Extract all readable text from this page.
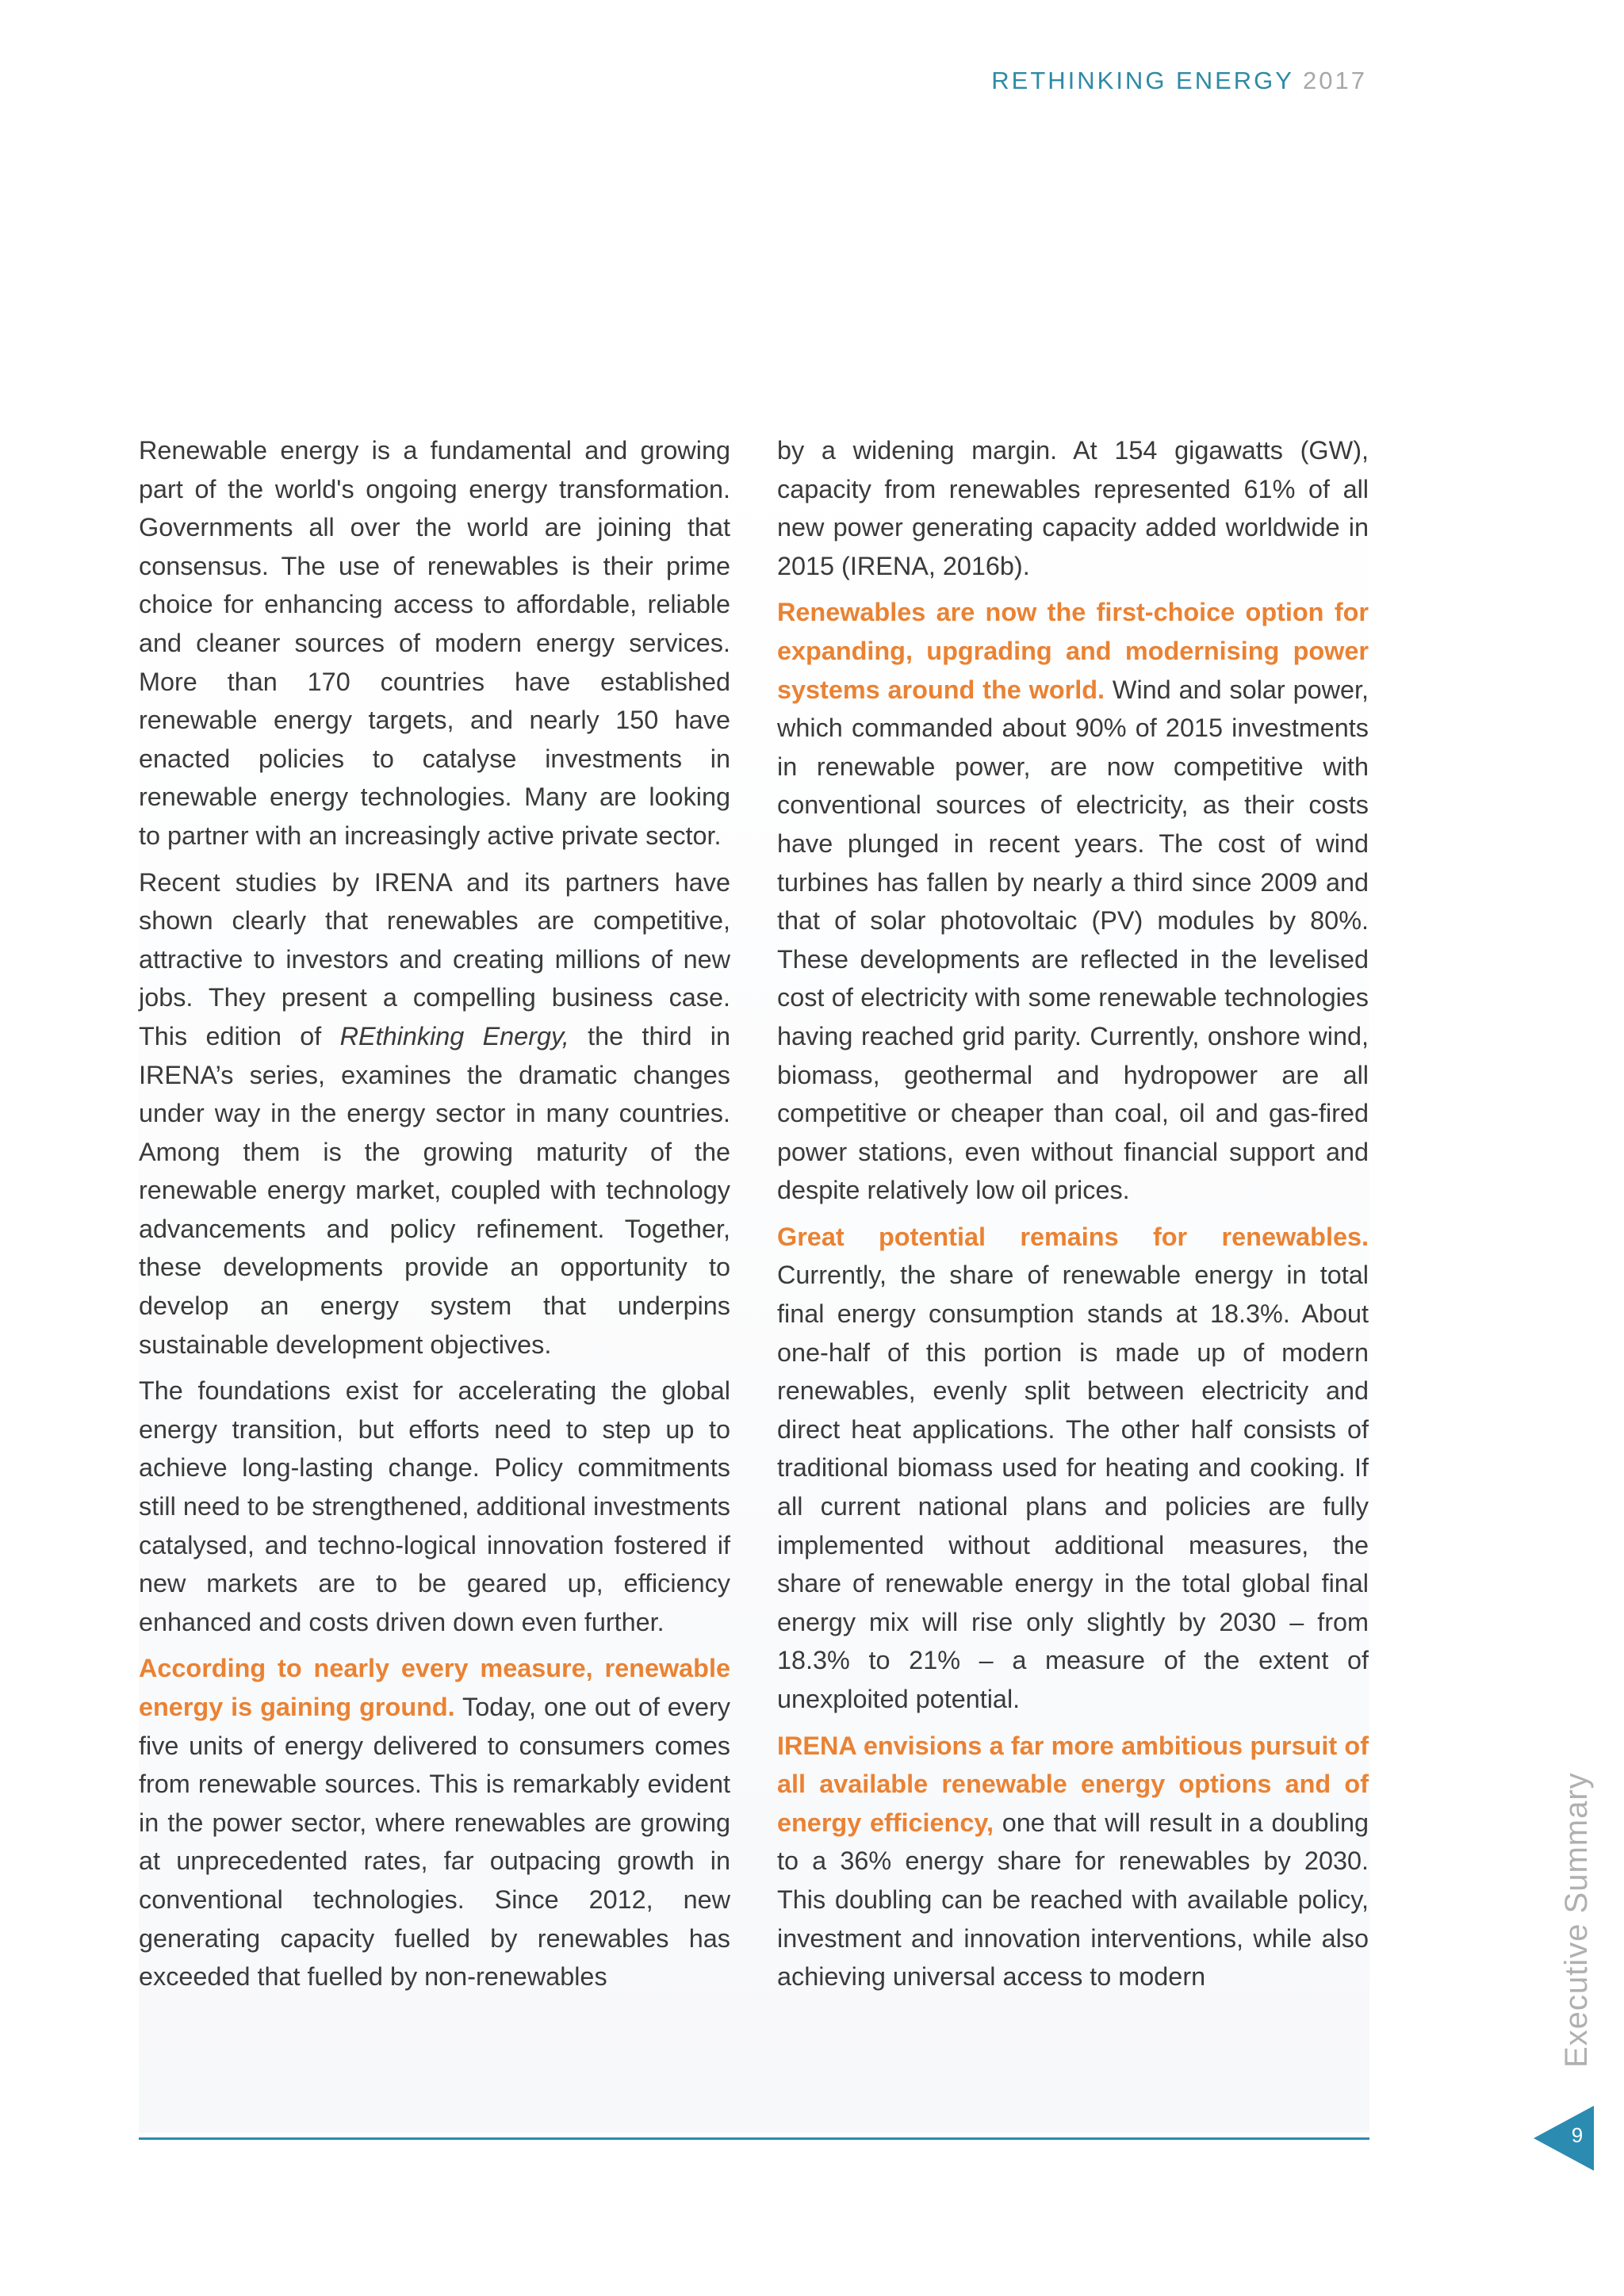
RETHINKING ENERGY 2017

Renewable energy is a fundamental and growing part of the world's ongoing energy transformation. Governments all over the world are joining that consensus. The use of renewables is their prime choice for enhancing access to affordable, reliable and cleaner sources of modern energy services. More than 170 countries have established renewable energy targets, and nearly 150 have enacted policies to catalyse investments in renewable energy technologies. Many are looking to partner with an increasingly active private sector.

Recent studies by IRENA and its partners have shown clearly that renewables are competitive, attractive to investors and creating millions of new jobs. They present a compelling business case. This edition of REthinking Energy, the third in IRENA’s series, examines the dramatic changes under way in the energy sector in many countries. Among them is the growing maturity of the renewable energy market, coupled with technology advancements and policy refinement. Together, these developments provide an opportunity to develop an energy system that underpins sustainable development objectives.

The foundations exist for accelerating the global energy transition, but efforts need to step up to achieve long-lasting change. Policy commitments still need to be strengthened, additional investments catalysed, and techno-logical innovation fostered if new markets are to be geared up, efficiency enhanced and costs driven down even further.

According to nearly every measure, renewable energy is gaining ground. Today, one out of every five units of energy delivered to consumers comes from renewable sources. This is remarkably evident in the power sector, where renewables are growing at unprecedented rates, far outpacing growth in conventional technologies. Since 2012, new generating capacity fuelled by renewables has exceeded that fuelled by non-renewables

by a widening margin. At 154 gigawatts (GW), capacity from renewables represented 61% of all new power generating capacity added worldwide in 2015 (IRENA, 2016b).

Renewables are now the first-choice option for expanding, upgrading and modernising power systems around the world. Wind and solar power, which commanded about 90% of 2015 investments in renewable power, are now competitive with conventional sources of electricity, as their costs have plunged in recent years. The cost of wind turbines has fallen by nearly a third since 2009 and that of solar photovoltaic (PV) modules by 80%. These developments are reflected in the levelised cost of electricity with some renewable technologies having reached grid parity. Currently, onshore wind, biomass, geothermal and hydropower are all competitive or cheaper than coal, oil and gas-fired power stations, even without financial support and despite relatively low oil prices.

Great potential remains for renewables. Currently, the share of renewable energy in total final energy consumption stands at 18.3%. About one-half of this portion is made up of modern renewables, evenly split between electricity and direct heat applications. The other half consists of traditional biomass used for heating and cooking. If all current national plans and policies are fully implemented without additional measures, the share of renewable energy in the total global final energy mix will rise only slightly by 2030 – from 18.3% to 21% – a measure of the extent of unexploited potential.

IRENA envisions a far more ambitious pursuit of all available renewable energy options and of energy efficiency, one that will result in a doubling to a 36% energy share for renewables by 2030. This doubling can be reached with available policy, investment and innovation interventions, while also achieving universal access to modern	Executive Summary
9
